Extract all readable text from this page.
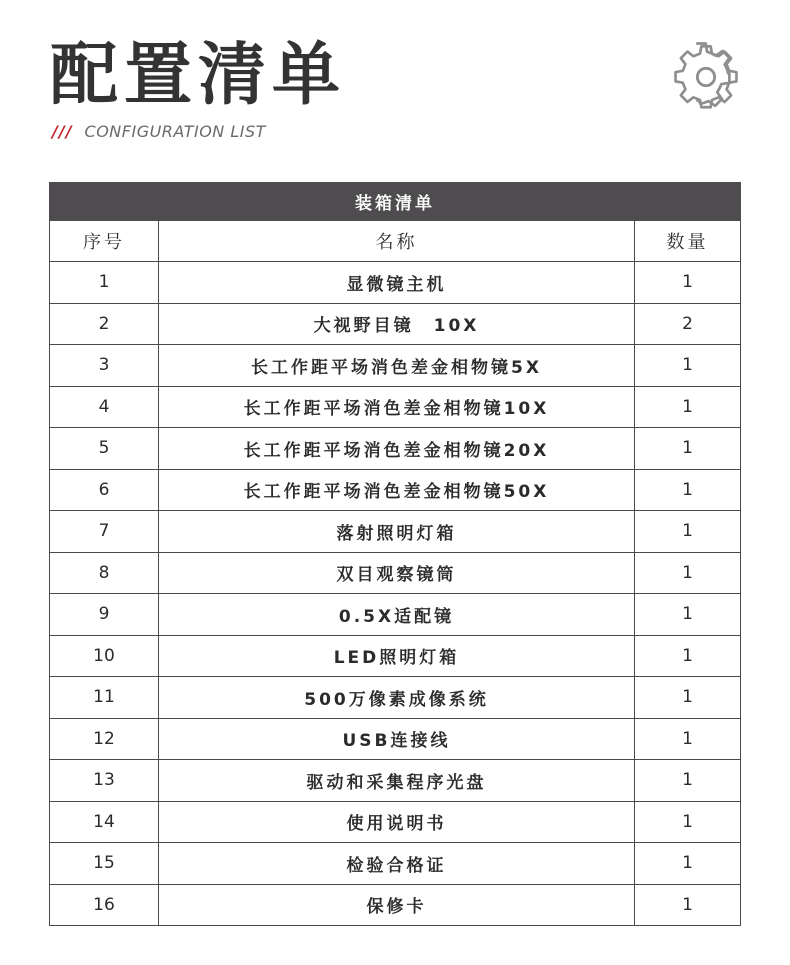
配置清单
/// CONFIGURATION LIST
装箱清单		
序号	名称	数量
1	显微镜主机	1
2	大视野目镜　10X	2
3	长工作距平场消色差金相物镜5X	1
4	长工作距平场消色差金相物镜10X	1
5	长工作距平场消色差金相物镜20X	1
6	长工作距平场消色差金相物镜50X	1
7	落射照明灯箱	1
8	双目观察镜筒	1
9	0.5X适配镜	1
10	LED照明灯箱	1
11	500万像素成像系统	1
12	USB连接线	1
13	驱动和采集程序光盘	1
14	使用说明书	1
15	检验合格证	1
16	保修卡	1
